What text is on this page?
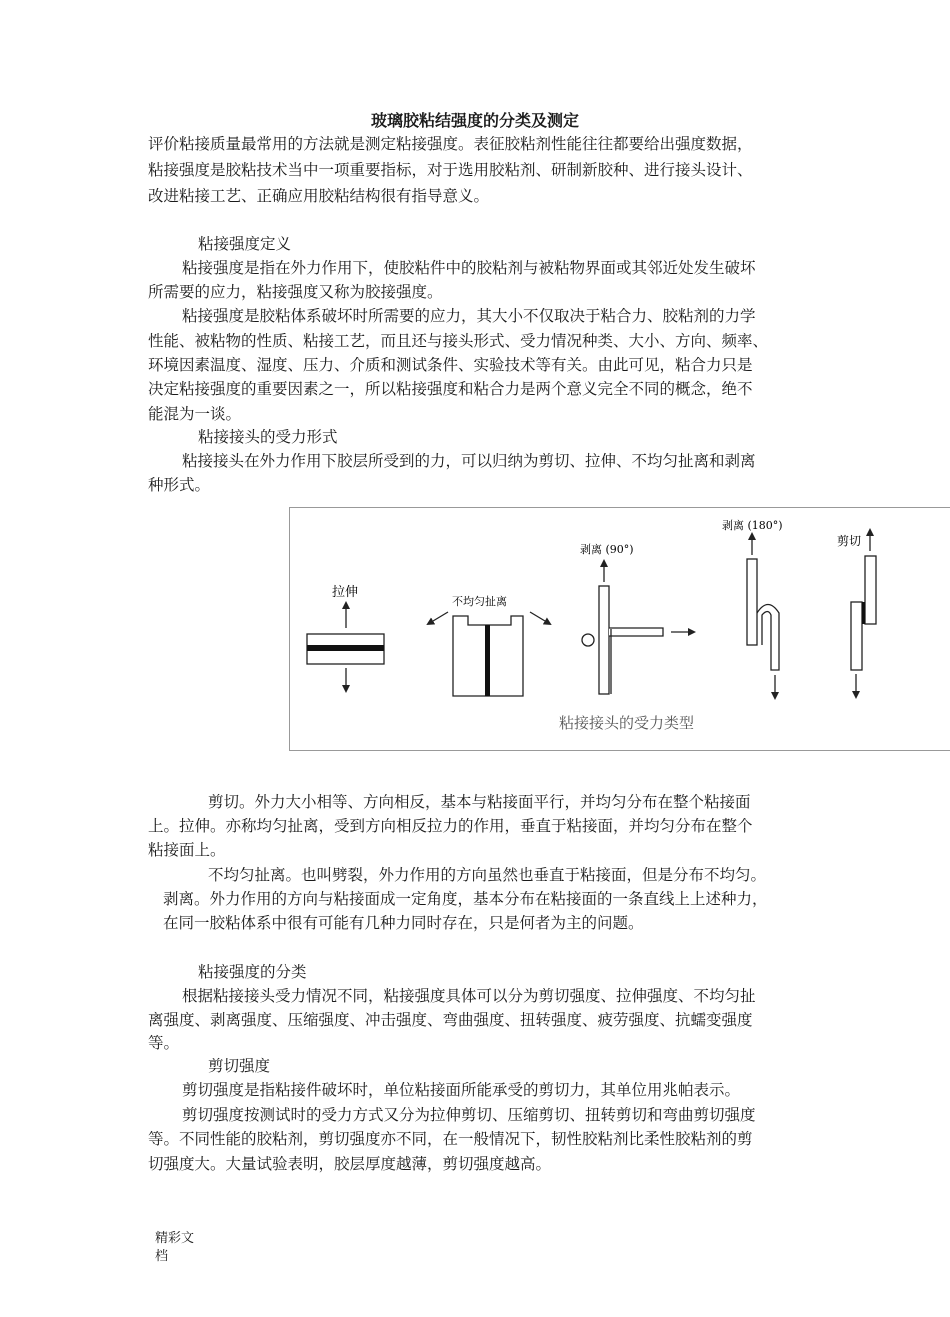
玻璃胶粘结强度的分类及测定

评价粘接质量最常用的方法就是测定粘接强度。表征胶粘剂性能往往都要给出强度数据，

粘接强度是胶粘技术当中一项重要指标，对于选用胶粘剂、研制新胶种、进行接头设计、

改进粘接工艺、正确应用胶粘结构很有指导意义。

粘接强度定义

粘接强度是指在外力作用下，使胶粘件中的胶粘剂与被粘物界面或其邻近处发生破坏

所需要的应力，粘接强度又称为胶接强度。

粘接强度是胶粘体系破坏时所需要的应力，其大小不仅取决于粘合力、胶粘剂的力学

性能、被粘物的性质、粘接工艺，而且还与接头形式、受力情况种类、大小、方向、频率、

环境因素温度、湿度、压力、介质和测试条件、实验技术等有关。由此可见，粘合力只是

决定粘接强度的重要因素之一，所以粘接强度和粘合力是两个意义完全不同的概念，绝不

能混为一谈。

粘接接头的受力形式

粘接接头在外力作用下胶层所受到的力，可以归纳为剪切、拉伸、不均匀扯离和剥离

种形式。

拉伸
不均匀扯离
剥离 (90°)
剥离 (180°)
剪切
粘接接头的受力类型

剪切。外力大小相等、方向相反，基本与粘接面平行，并均匀分布在整个粘接面

上。拉伸。亦称均匀扯离，受到方向相反拉力的作用，垂直于粘接面，并均匀分布在整个

粘接面上。

不均匀扯离。也叫劈裂，外力作用的方向虽然也垂直于粘接面，但是分布不均匀。

剥离。外力作用的方向与粘接面成一定角度，基本分布在粘接面的一条直线上上述种力，

在同一胶粘体系中很有可能有几种力同时存在，只是何者为主的问题。

粘接强度的分类

根据粘接接头受力情况不同，粘接强度具体可以分为剪切强度、拉伸强度、不均匀扯

离强度、剥离强度、压缩强度、冲击强度、弯曲强度、扭转强度、疲劳强度、抗蠕变强度

等。

剪切强度

剪切强度是指粘接件破坏时，单位粘接面所能承受的剪切力，其单位用兆帕表示。

剪切强度按测试时的受力方式又分为拉伸剪切、压缩剪切、扭转剪切和弯曲剪切强度

等。不同性能的胶粘剂，剪切强度亦不同，在一般情况下，韧性胶粘剂比柔性胶粘剂的剪

切强度大。大量试验表明，胶层厚度越薄，剪切强度越高。

精彩文
档
